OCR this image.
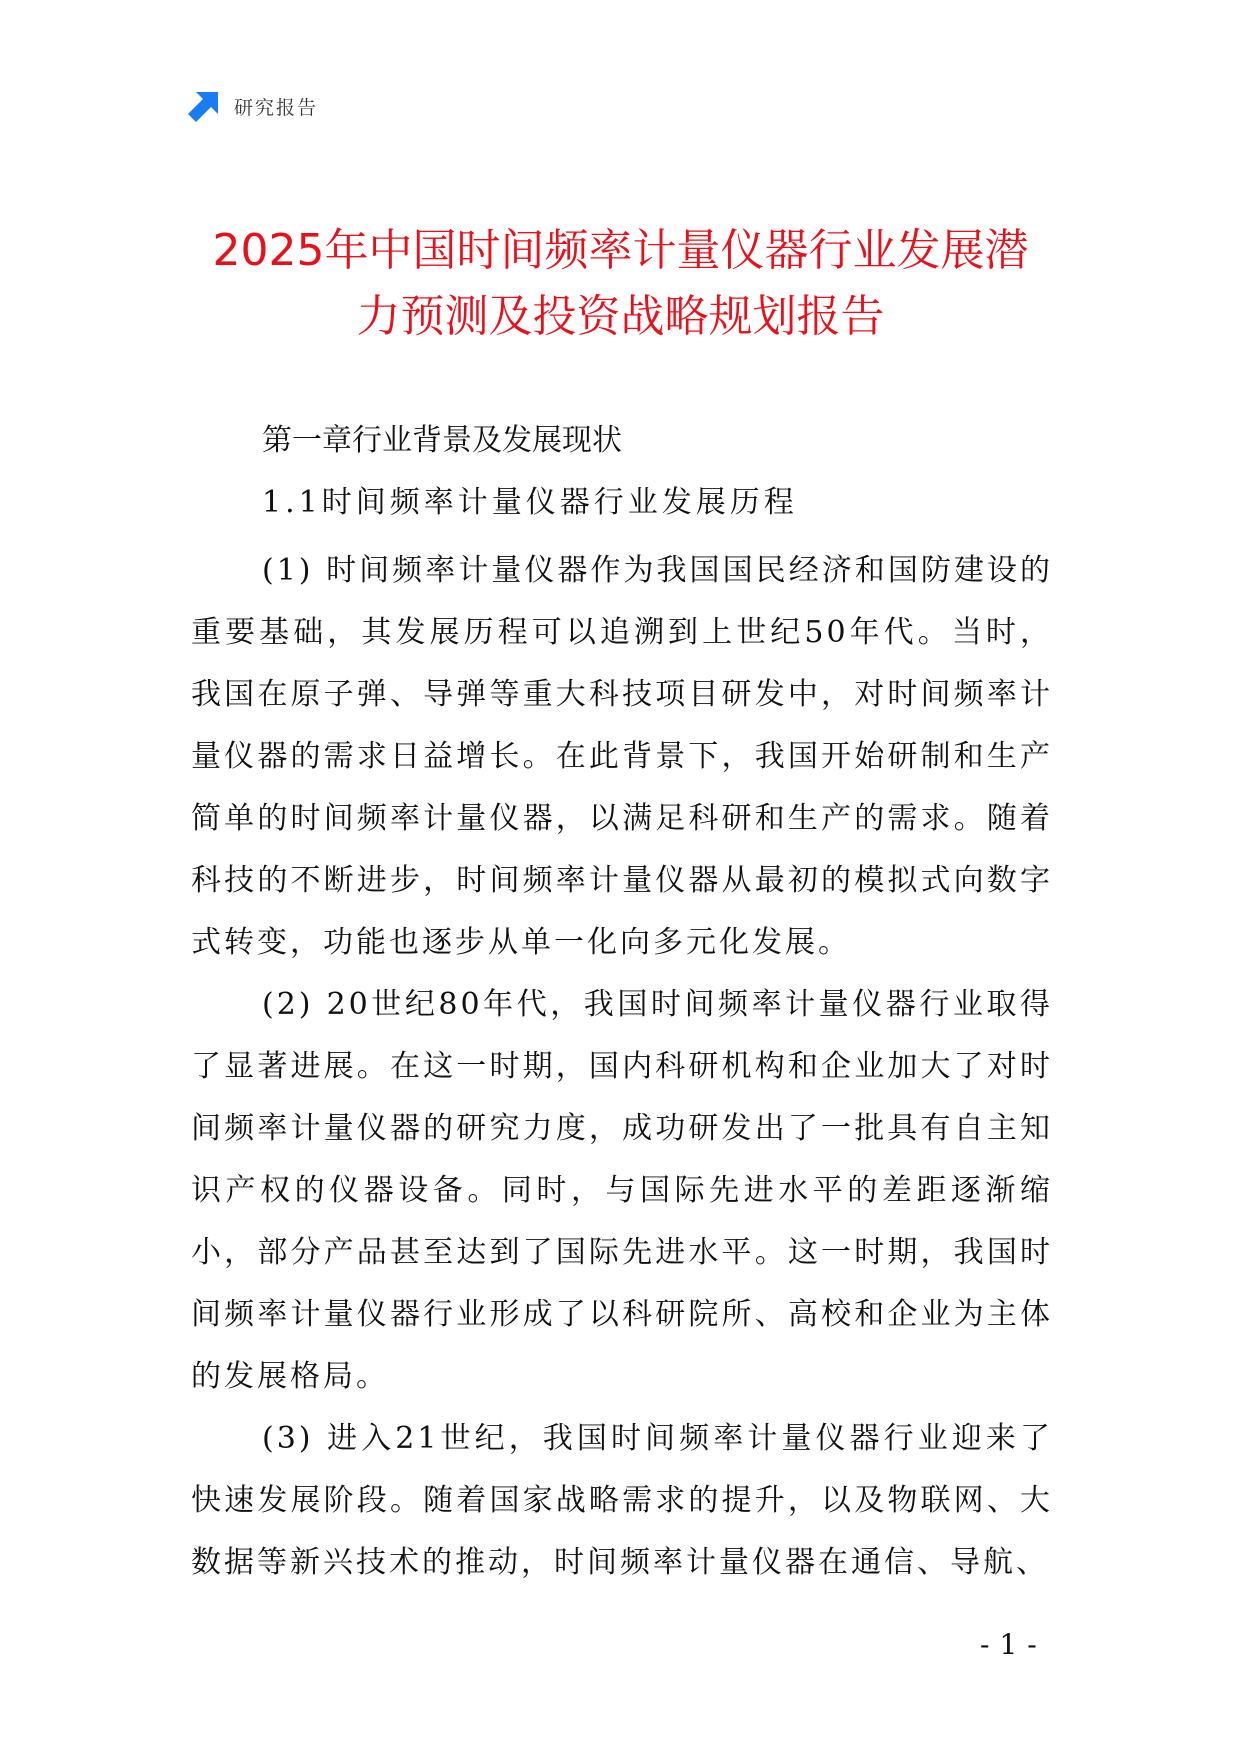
研究报告
2025年中国时间频率计量仪器行业发展潜
力预测及投资战略规划报告
第一章行业背景及发展现状
1.1时间频率计量仪器行业发展历程

(1) 时间频率计量仪器作为我国国民经济和国防建设的重要基础，其发展历程可以追溯到上世纪50年代。当时，我国在原子弹、导弹等重大科技项目研发中，对时间频率计量仪器的需求日益增长。在此背景下，我国开始研制和生产简单的时间频率计量仪器，以满足科研和生产的需求。随着科技的不断进步，时间频率计量仪器从最初的模拟式向数字式转变，功能也逐步从单一化向多元化发展。

(2) 20世纪80年代，我国时间频率计量仪器行业取得了显著进展。在这一时期，国内科研机构和企业加大了对时间频率计量仪器的研究力度，成功研发出了一批具有自主知识产权的仪器设备。同时，与国际先进水平的差距逐渐缩小，部分产品甚至达到了国际先进水平。这一时期，我国时间频率计量仪器行业形成了以科研院所、高校和企业为主体的发展格局。

(3) 进入21世纪，我国时间频率计量仪器行业迎来了快速发展阶段。随着国家战略需求的提升，以及物联网、大数据等新兴技术的推动，时间频率计量仪器在通信、导航、

-1-
